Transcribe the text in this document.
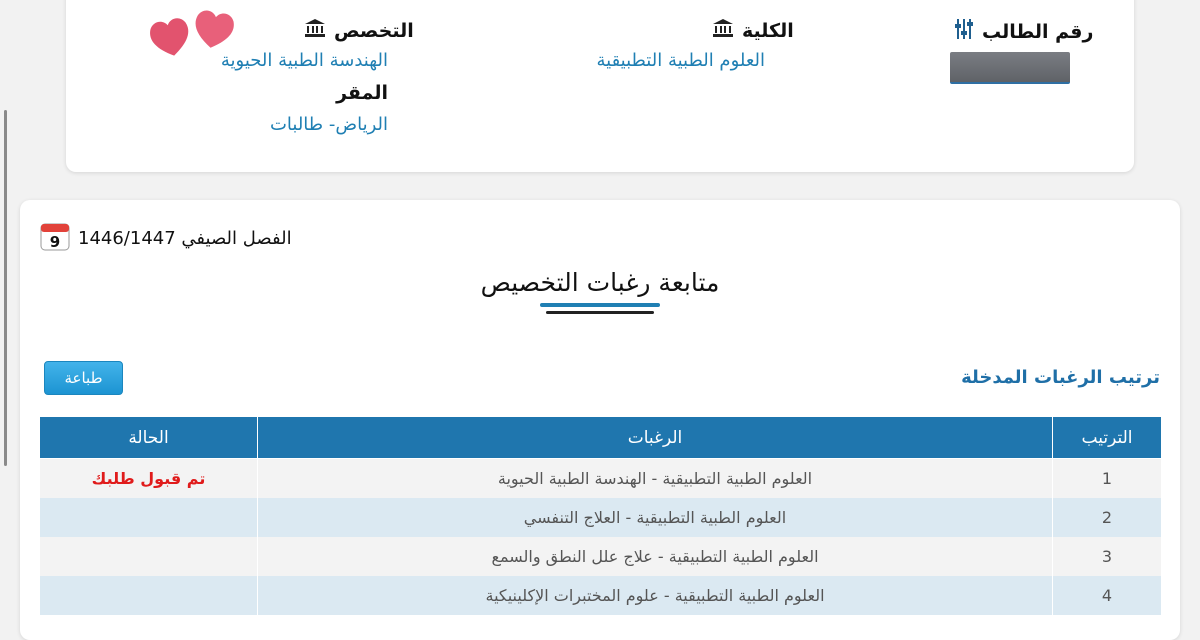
رقم الطالب
الكلية
العلوم الطبية التطبيقية
التخصص
الهندسة الطبية الحيوية
المقر
الرياض- طالبات
9 الفصل الصيفي 1446/1447
متابعة رغبات التخصيص
طباعة	ترتيب الرغبات المدخلة
الترتيب	الرغبات	الحالة
1	العلوم الطبية التطبيقية - الهندسة الطبية الحيوية	تم قبول طلبك
2	العلوم الطبية التطبيقية - العلاج التنفسي	
3	العلوم الطبية التطبيقية - علاج علل النطق والسمع	
4	العلوم الطبية التطبيقية - علوم المختبرات الإكلينيكية	
